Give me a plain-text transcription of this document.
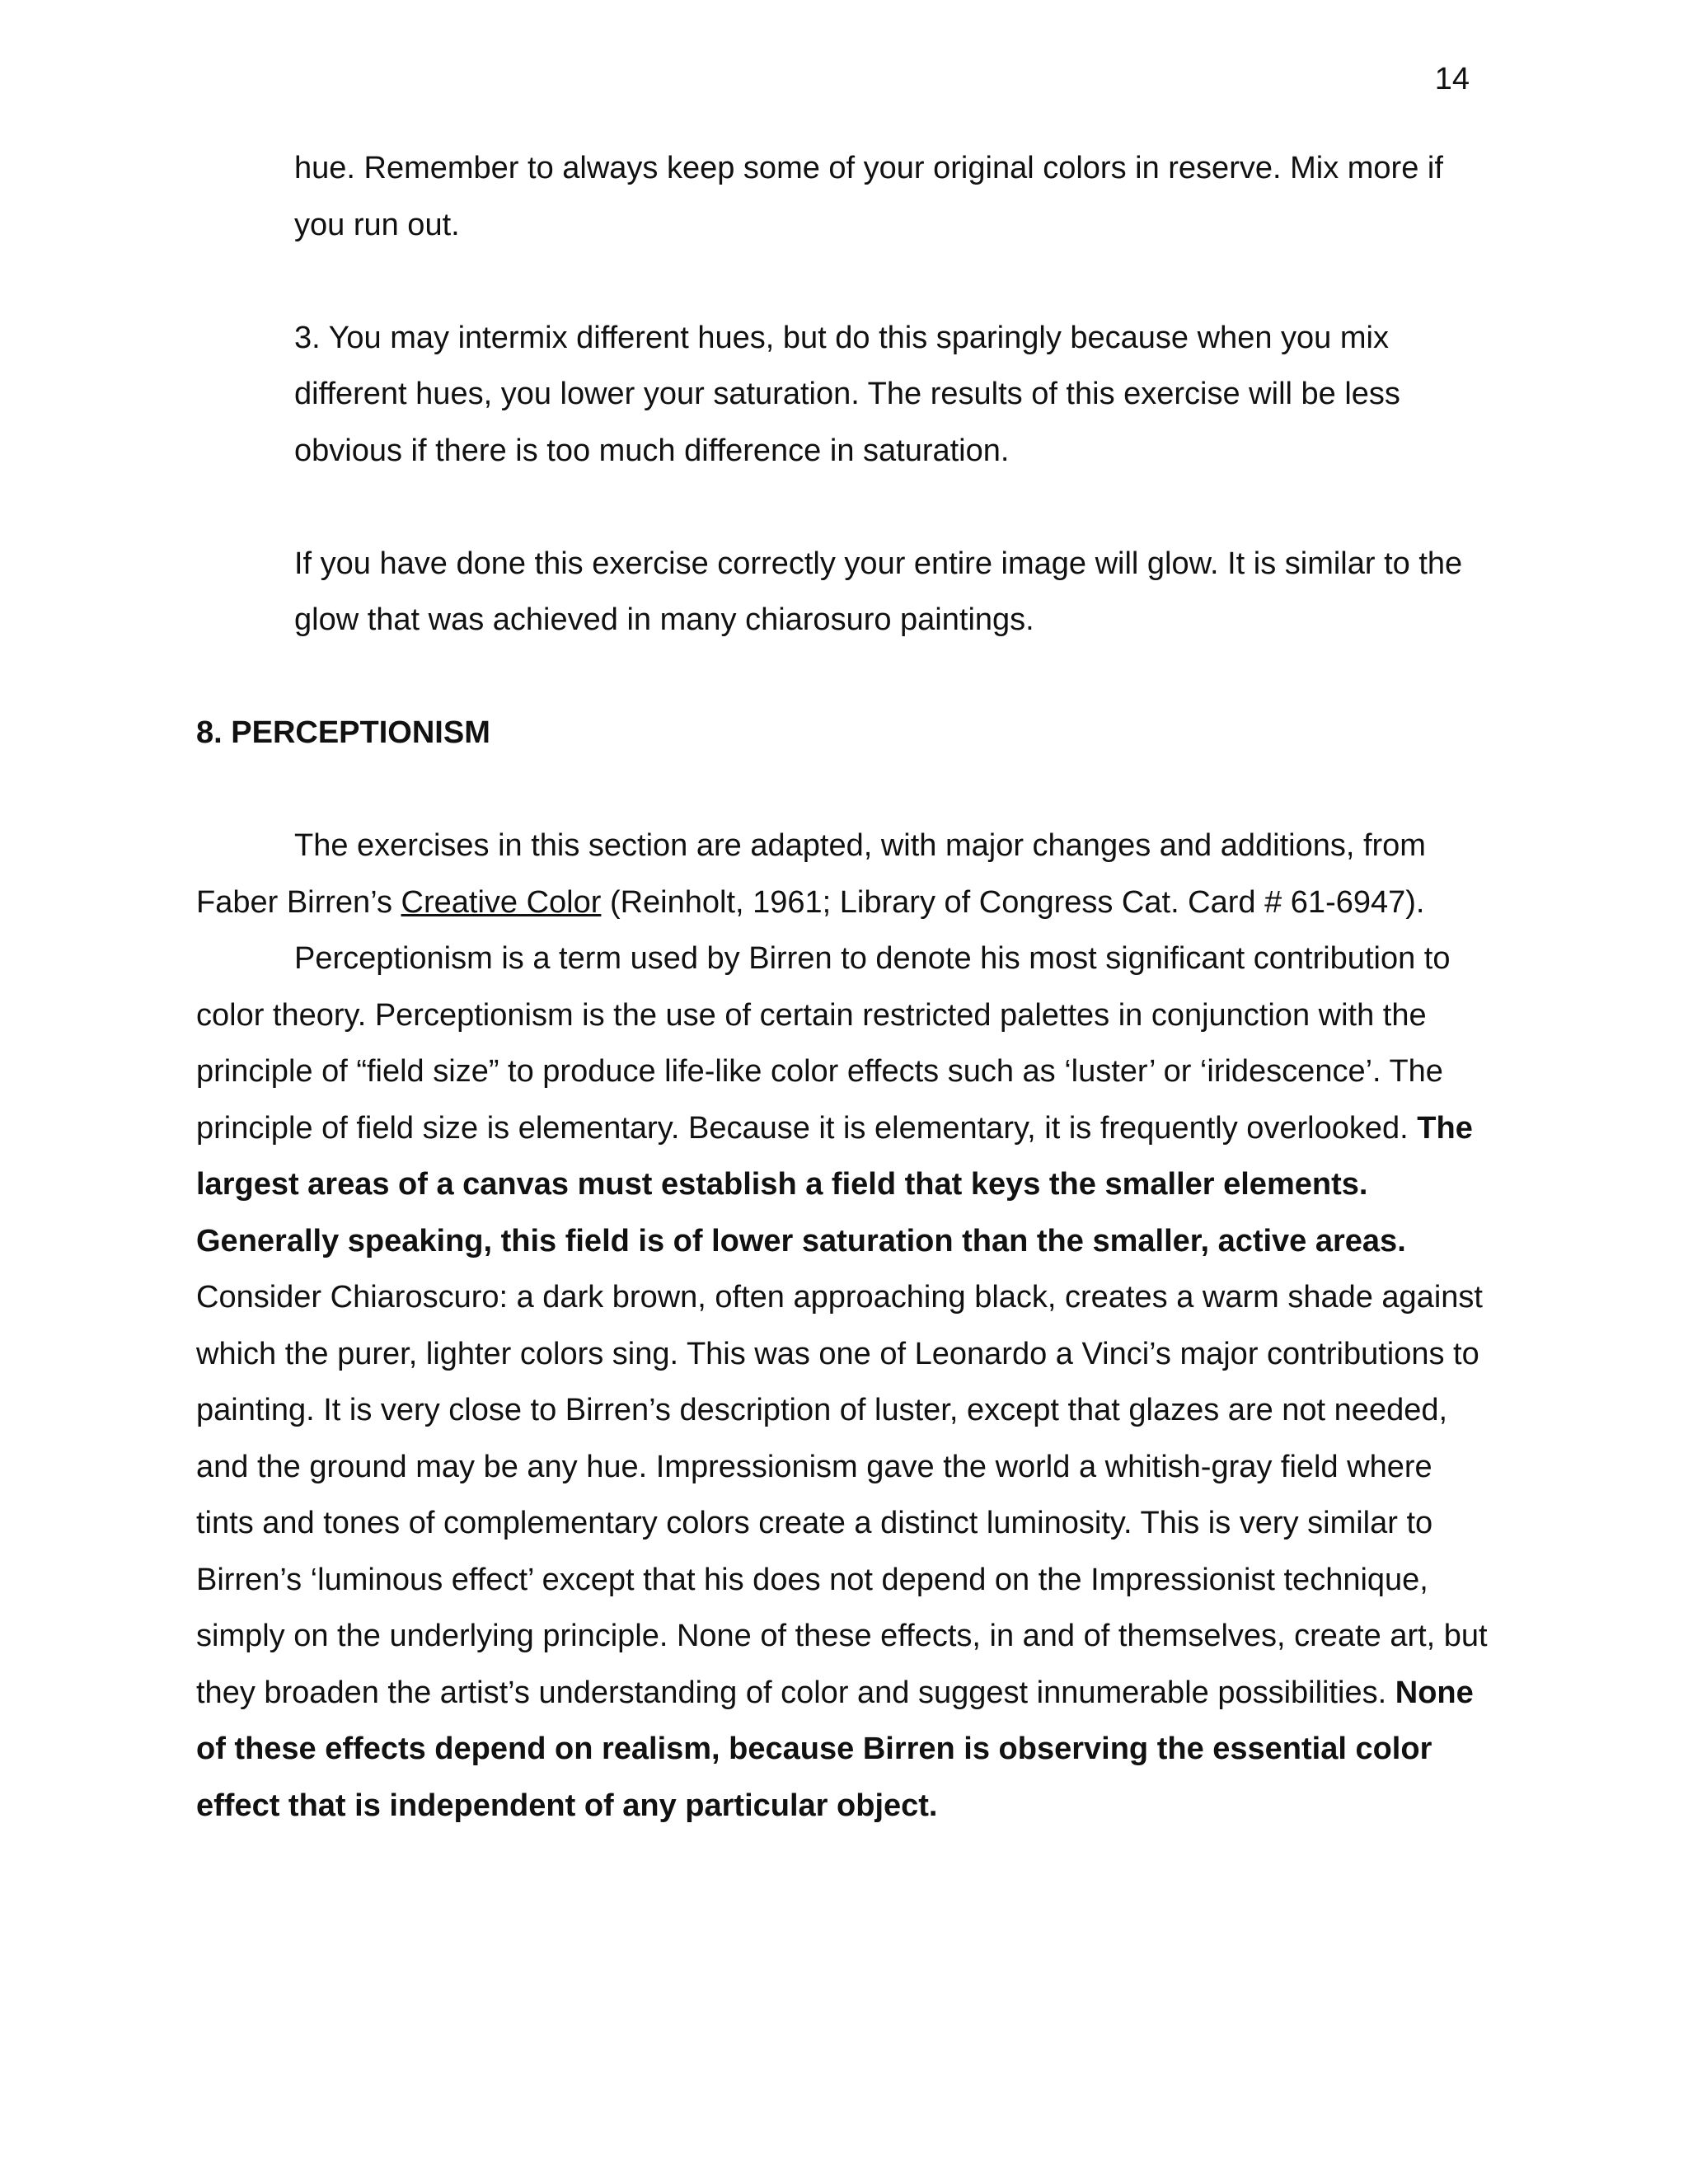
14

hue. Remember to always keep some of your original colors in reserve. Mix more if you run out.

3. You may intermix different hues, but do this sparingly because when you mix different hues, you lower your saturation. The results of this exercise will be less obvious if there is too much difference in saturation.

If you have done this exercise correctly your entire image will glow. It is similar to the glow that was achieved in many chiarosuro paintings.

8. PERCEPTIONISM

The exercises in this section are adapted, with major changes and additions, from Faber Birren’s Creative Color (Reinholt, 1961; Library of Congress Cat. Card # 61-6947).

Perceptionism is a term used by Birren to denote his most significant contribution to color theory. Perceptionism is the use of certain restricted palettes in conjunction with the principle of “field size” to produce life-like color effects such as ‘luster’ or ‘iridescence’. The principle of field size is elementary. Because it is elementary, it is frequently overlooked. The largest areas of a canvas must establish a field that keys the smaller elements. Generally speaking, this field is of lower saturation than the smaller, active areas. Consider Chiaroscuro: a dark brown, often approaching black, creates a warm shade against which the purer, lighter colors sing. This was one of Leonardo a Vinci’s major contributions to painting. It is very close to Birren’s description of luster, except that glazes are not needed, and the ground may be any hue. Impressionism gave the world a whitish-gray field where tints and tones of complementary colors create a distinct luminosity. This is very similar to Birren’s ‘luminous effect’ except that his does not depend on the Impressionist technique, simply on the underlying principle. None of these effects, in and of themselves, create art, but they broaden the artist’s understanding of color and suggest innumerable possibilities. None of these effects depend on realism, because Birren is observing the essential color effect that is independent of any particular object.
